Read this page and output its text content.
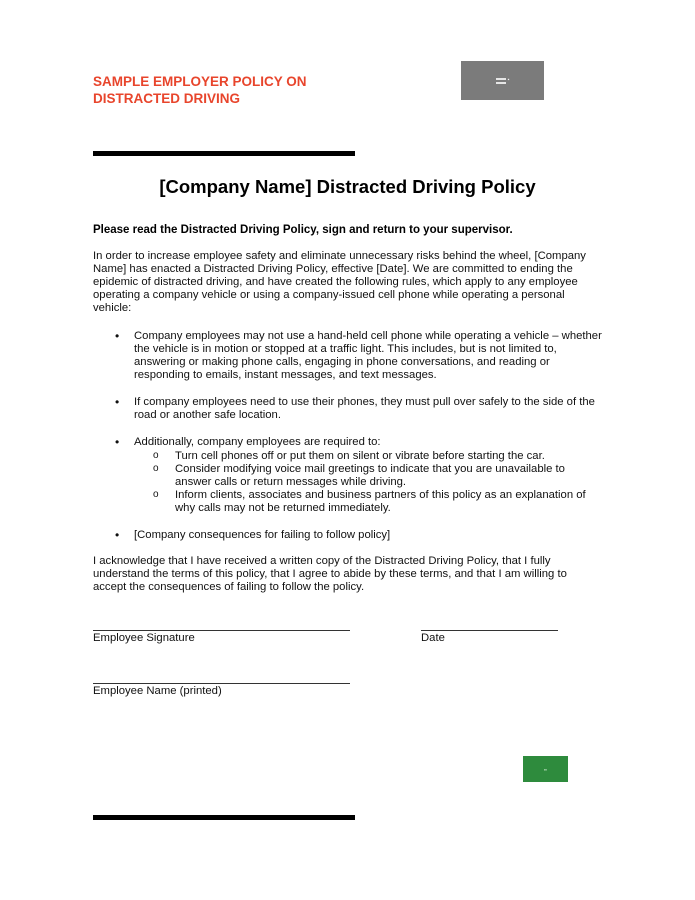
SAMPLE EMPLOYER POLICY ON
DISTRACTED DRIVING
▪
[Company Name] Distracted Driving Policy
Please read the Distracted Driving Policy, sign and return to your supervisor.

In order to increase employee safety and eliminate unnecessary risks behind the wheel, [Company Name] has enacted a Distracted Driving Policy, effective [Date]. We are committed to ending the epidemic of distracted driving, and have created the following rules, which apply to any employee operating a company vehicle or using a company-issued cell phone while operating a personal vehicle:

• Company employees may not use a hand-held cell phone while operating a vehicle – whether the vehicle is in motion or stopped at a traffic light. This includes, but is not limited to, answering or making phone calls, engaging in phone conversations, and reading or responding to emails, instant messages, and text messages.
• If company employees need to use their phones, they must pull over safely to the side of the road or another safe location.
• Additionally, company employees are required to:
o Turn cell phones off or put them on silent or vibrate before starting the car.
o Consider modifying voice mail greetings to indicate that you are unavailable to answer calls or return messages while driving.
o Inform clients, associates and business partners of this policy as an explanation of why calls may not be returned immediately.
• [Company consequences for failing to follow policy]

I acknowledge that I have received a written copy of the Distracted Driving Policy, that I fully understand the terms of this policy, that I agree to abide by these terms, and that I am willing to accept the consequences of failing to follow the policy.

Employee Signature	Date
Employee Name (printed)
▪▪
